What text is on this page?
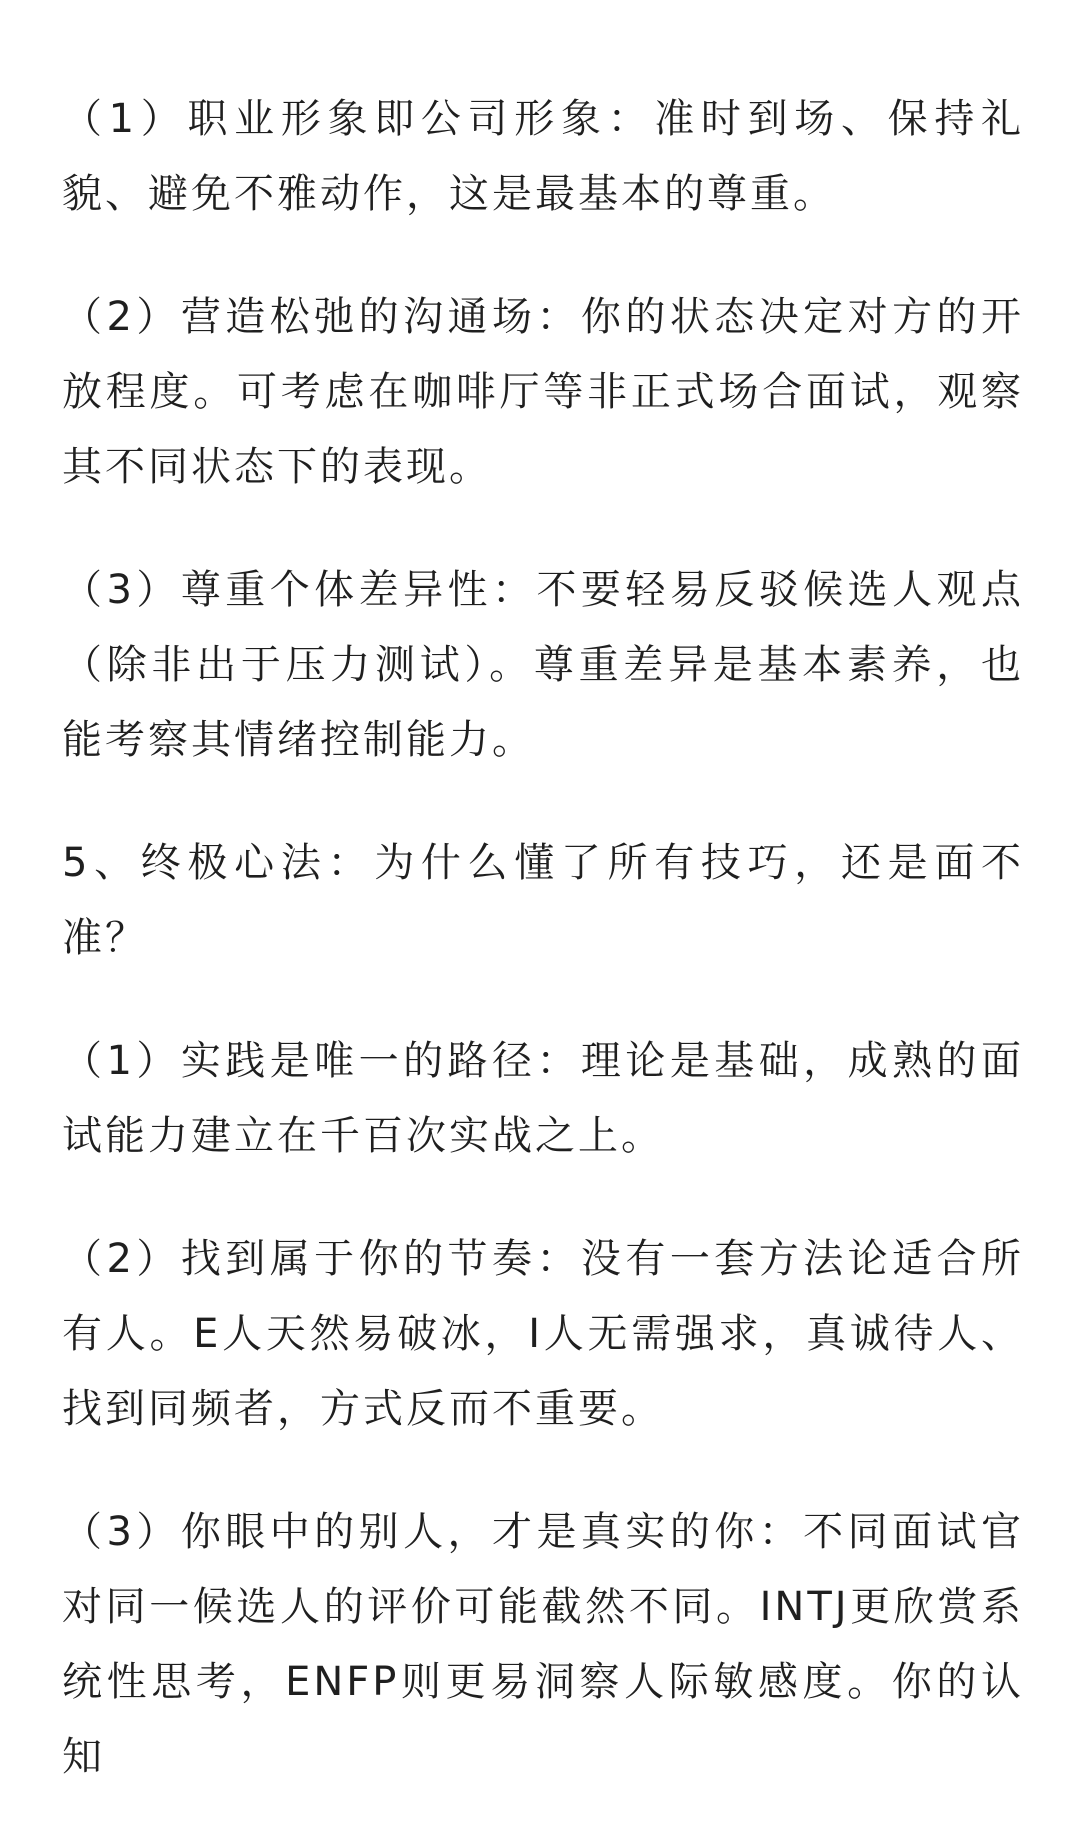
（1）职业形象即公司形象：准时到场、保持礼貌、避免不雅动作，这是最基本的尊重。

（2）营造松弛的沟通场：你的状态决定对方的开放程度。可考虑在咖啡厅等非正式场合面试，观察其不同状态下的表现。

（3）尊重个体差异性：不要轻易反驳候选人观点（除非出于压力测试）。尊重差异是基本素养，也能考察其情绪控制能力。

5、终极心法：为什么懂了所有技巧，还是面不准？

（1）实践是唯一的路径：理论是基础，成熟的面试能力建立在千百次实战之上。

（2）找到属于你的节奏：没有一套方法论适合所有人。E人天然易破冰，I人无需强求，真诚待人、找到同频者，方式反而不重要。

（3）你眼中的别人，才是真实的你：不同面试官对同一候选人的评价可能截然不同。INTJ更欣赏系统性思考，ENFP则更易洞察人际敏感度。你的认知
